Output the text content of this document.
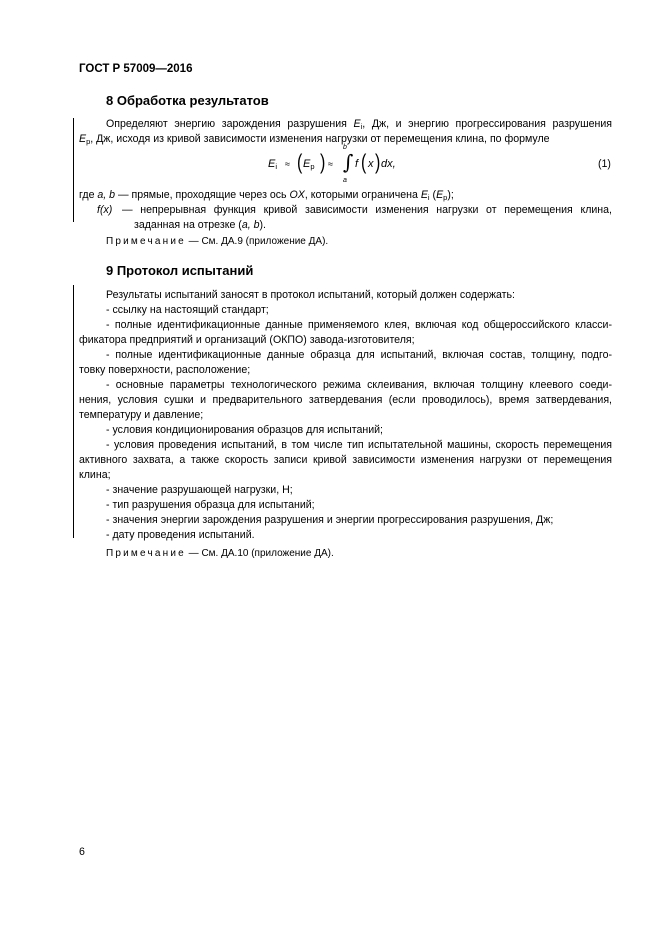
ГОСТ Р 57009—2016
8 Обработка результатов
Определяют энергию зарождения разрушения $E_i$, Дж, и энергию прогрессирования разрушения
$E_p$, Дж, исходя из кривой зависимости изменения нагрузки от перемещения клина, по формуле
$E_i$ ≈ ( $E_p$ ) ≈ ∫
b
a
f ( x ) dx,	(1)
где a, b — прямые, проходящие через ось OX, которыми ограничена $E_i$ $(E_p)$;
f(x) — непрерывная функция кривой зависимости изменения нагрузки от перемещения клина,
заданная на отрезке (a, b).
Примечание — См. ДА.9 (приложение ДА).
9 Протокол испытаний
Результаты испытаний заносят в протокол испытаний, который должен содержать:
- ссылку на настоящий стандарт;
- полные идентификационные данные применяемого клея, включая код общероссийского класси-
фикатора предприятий и организаций (ОКПО) завода-изготовителя;
- полные идентификационные данные образца для испытаний, включая состав, толщину, подго-
товку поверхности, расположение;
- основные параметры технологического режима склеивания, включая толщину клеевого соеди-
нения, условия сушки и предварительного затвердевания (если проводилось), время затвердевания,
температуру и давление;
- условия кондиционирования образцов для испытаний;
- условия проведения испытаний, в том числе тип испытательной машины, скорость перемещения
активного захвата, а также скорость записи кривой зависимости изменения нагрузки от перемещения
клина;
- значение разрушающей нагрузки, Н;
- тип разрушения образца для испытаний;
- значения энергии зарождения разрушения и энергии прогрессирования разрушения, Дж;
- дату проведения испытаний.
Примечание — См. ДА.10 (приложение ДА).
6
